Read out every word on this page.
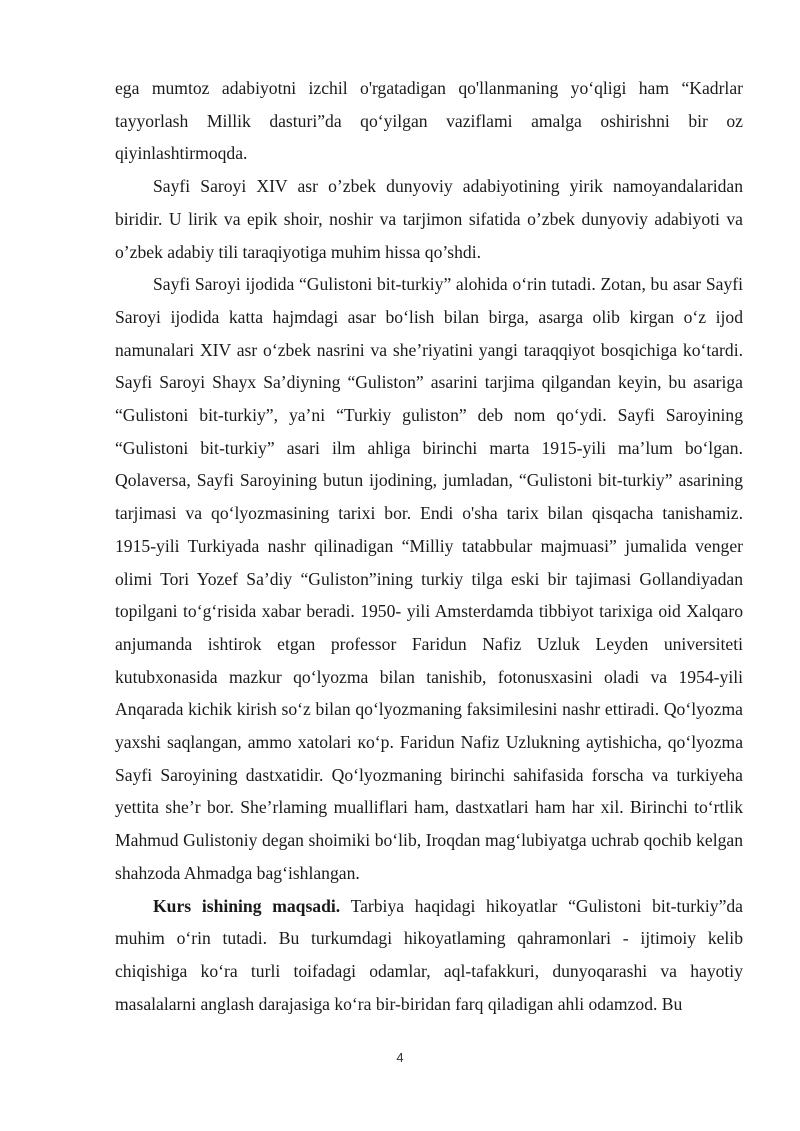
ega mumtoz adabiyotni izchil o'rgatadigan qo'llanmaning yo‘qligi ham “Kadrlar tayyorlash Millik dasturi”da qo‘yilgan vaziflami amalga oshirishni bir oz qiyinlashtirmoqda.

Sayfi Saroyi XIV asr o’zbek dunyoviy adabiyotining yirik namoyandalaridan biridir. U lirik va epik shoir, noshir va tarjimon sifatida o’zbek dunyoviy adabiyoti va o’zbek adabiy tili taraqiyotiga muhim hissa qo’shdi.

Sayfi Saroyi ijodida “Gulistoni bit-turkiy” alohida o‘rin tutadi. Zotan, bu asar Sayfi Saroyi ijodida katta hajmdagi asar bo‘lish bilan birga, asarga olib kirgan o‘z ijod namunalari XIV asr o‘zbek nasrini va she’riyatini yangi taraqqiyot bosqichiga ko‘tardi. Sayfi Saroyi Shayx Sa’diyning “Guliston” asarini tarjima qilgandan keyin, bu asariga “Gulistoni bit-turkiy”, ya’ni “Turkiy guliston” deb nom qo‘ydi. Sayfi Saroyining “Gulistoni bit-turkiy” asari ilm ahliga birinchi marta 1915-yili ma’lum bo‘lgan. Qolaversa, Sayfi Saroyining butun ijodining, jumladan, “Gulistoni bit-turkiy” asarining tarjimasi va qo‘lyozmasining tarixi bor. Endi o'sha tarix bilan qisqacha tanishamiz. 1915-yili Turkiyada nashr qilinadigan “Milliy tatabbular majmuasi” jumalida venger olimi Tori Yozef Sa’diy “Guliston”ining turkiy tilga eski bir tajimasi Gollandiyadan topilgani to‘g‘risida xabar beradi. 1950- yili Amsterdamda tibbiyot tarixiga oid Xalqaro anjumanda ishtirok etgan professor Faridun Nafiz Uzluk Leyden universiteti kutubxonasida mazkur qo‘lyozma bilan tanishib, fotonusxasini oladi va 1954-yili Anqarada kichik kirish so‘z bilan qo‘lyozmaning faksimilesini nashr ettiradi. Qo‘lyozma yaxshi saqlangan, ammo xatolari кo‘p. Faridun Nafiz Uzlukning aytishicha, qo‘lyozma Sayfi Saroyining dastxatidir. Qo‘lyozmaning birinchi sahifasida forscha va turkiyeha yettita she’r bor. She’rlaming mualliflari ham, dastxatlari ham har xil. Birinchi to‘rtlik Mahmud Gulistoniy degan shoimiki bo‘lib, Iroqdan mag‘lubiyatga uchrab qochib kelgan shahzoda Ahmadga bag‘ishlangan.

Kurs ishining maqsadi. Tarbiya haqidagi hikoyatlar “Gulistoni bit-turkiy”da muhim o‘rin tutadi. Bu turkumdagi hikoyatlaming qahramonlari - ijtimoiy kelib chiqishiga ko‘ra turli toifadagi odamlar, aql-tafakkuri, dunyoqarashi va hayotiy masalalarni anglash darajasiga ko‘ra bir-biridan farq qiladigan ahli odamzod. Bu

4
